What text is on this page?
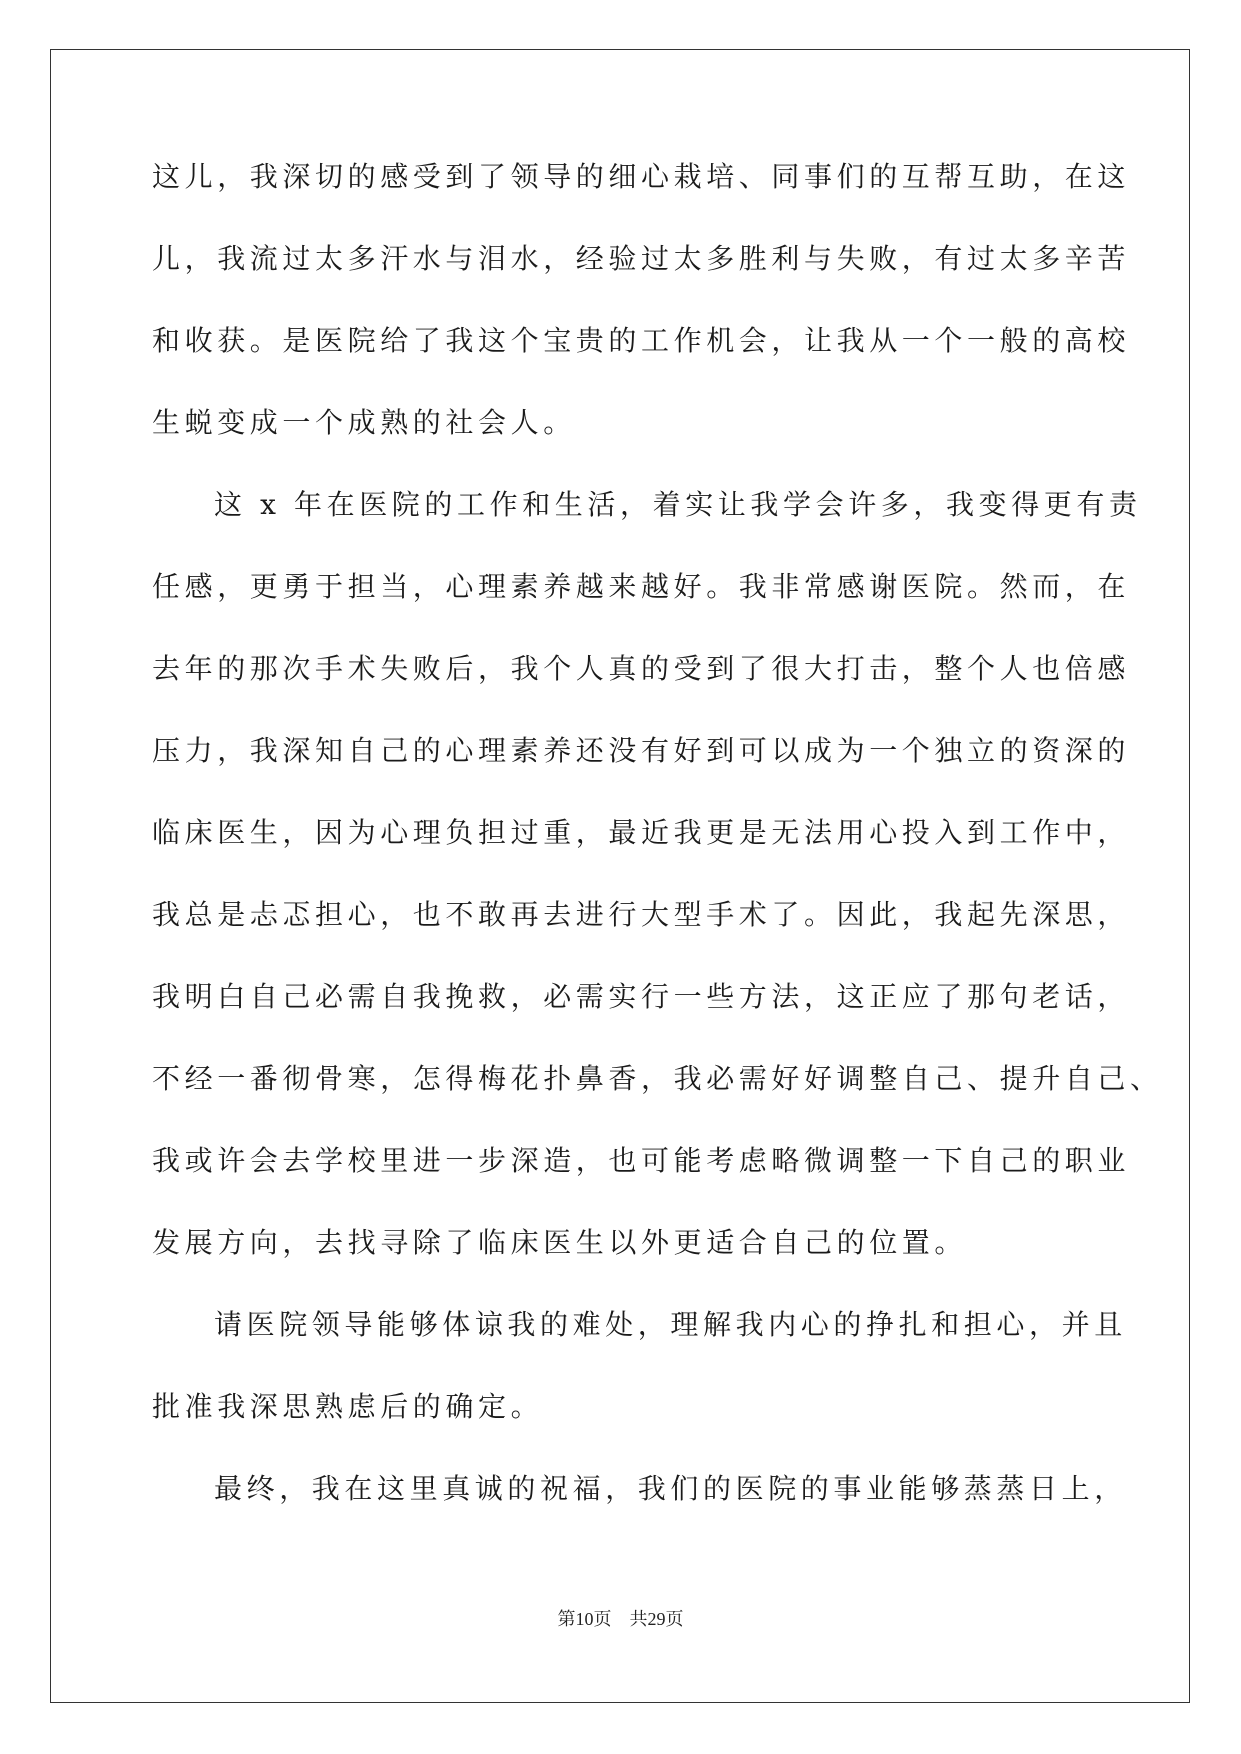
这儿，我深切的感受到了领导的细心栽培、同事们的互帮互助，在这
儿，我流过太多汗水与泪水，经验过太多胜利与失败，有过太多辛苦
和收获。是医院给了我这个宝贵的工作机会，让我从一个一般的高校
生蜕变成一个成熟的社会人。
这 x 年在医院的工作和生活，着实让我学会许多，我变得更有责
任感，更勇于担当，心理素养越来越好。我非常感谢医院。然而，在
去年的那次手术失败后，我个人真的受到了很大打击，整个人也倍感
压力，我深知自己的心理素养还没有好到可以成为一个独立的资深的
临床医生，因为心理负担过重，最近我更是无法用心投入到工作中，
我总是忐忑担心，也不敢再去进行大型手术了。因此，我起先深思，
我明白自己必需自我挽救，必需实行一些方法，这正应了那句老话，
不经一番彻骨寒，怎得梅花扑鼻香，我必需好好调整自己、提升自己、
我或许会去学校里进一步深造，也可能考虑略微调整一下自己的职业
发展方向，去找寻除了临床医生以外更适合自己的位置。
请医院领导能够体谅我的难处，理解我内心的挣扎和担心，并且
批准我深思熟虑后的确定。
最终，我在这里真诚的祝福，我们的医院的事业能够蒸蒸日上，
第10页 共29页
